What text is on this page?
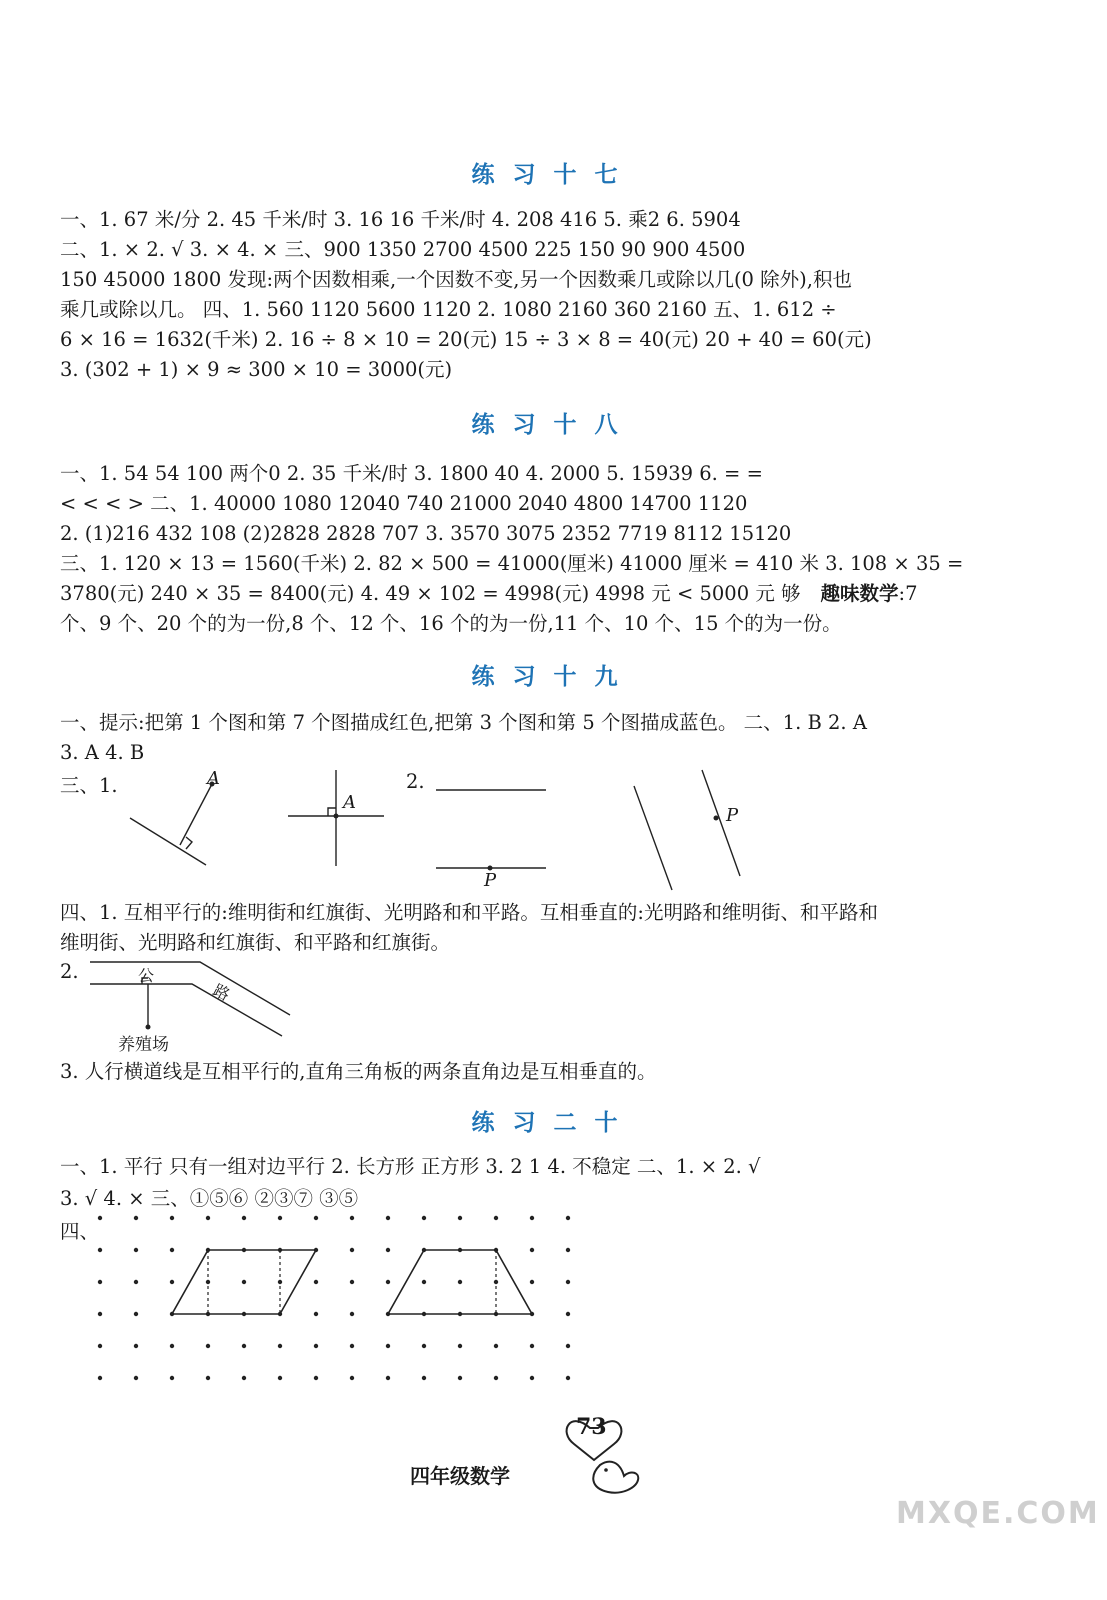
练习十七
一、1. 67 米/分 2. 45 千米/时 3. 16 16 千米/时 4. 208 416 5. 乘2 6. 5904
二、1. × 2. √ 3. × 4. × 三、900 1350 2700 4500 225 150 90 900 4500
150 45000 1800 发现:两个因数相乘,一个因数不变,另一个因数乘几或除以几(0 除外),积也
乘几或除以几。 四、1. 560 1120 5600 1120 2. 1080 2160 360 2160 五、1. 612 ÷
6 × 16 = 1632(千米) 2. 16 ÷ 8 × 10 = 20(元) 15 ÷ 3 × 8 = 40(元) 20 + 40 = 60(元)
3. (302 + 1) × 9 ≈ 300 × 10 = 3000(元)
练习十八
一、1. 54 54 100 两个0 2. 35 千米/时 3. 1800 40 4. 2000 5. 15939 6. = =
< < < > 二、1. 40000 1080 12040 740 21000 2040 4800 14700 1120
2. (1)216 432 108 (2)2828 2828 707 3. 3570 3075 2352 7719 8112 15120
三、1. 120 × 13 = 1560(千米) 2. 82 × 500 = 41000(厘米) 41000 厘米 = 410 米 3. 108 × 35 =
3780(元) 240 × 35 = 8400(元) 4. 49 × 102 = 4998(元) 4998 元 < 5000 元 够 趣味数学:7
个、9 个、20 个的为一份,8 个、12 个、16 个的为一份,11 个、10 个、15 个的为一份。
练习十九
一、提示:把第 1 个图和第 7 个图描成红色,把第 3 个图和第 5 个图描成蓝色。 二、1. B 2. A
3. A 4. B
三、1.	2.
A
A
P
P
四、1. 互相平行的:维明街和红旗街、光明路和和平路。互相垂直的:光明路和维明街、和平路和
维明街、光明路和红旗街、和平路和红旗街。
2.	公
路
养殖场
3. 人行横道线是互相平行的,直角三角板的两条直角边是互相垂直的。
练习二十
一、1. 平行 只有一组对边平行 2. 长方形 正方形 3. 2 1 4. 不稳定 二、1. × 2. √
3. √ 4. × 三、①⑤⑥ ②③⑦ ③⑤
四、
73
四年级数学
MXQE.COM
